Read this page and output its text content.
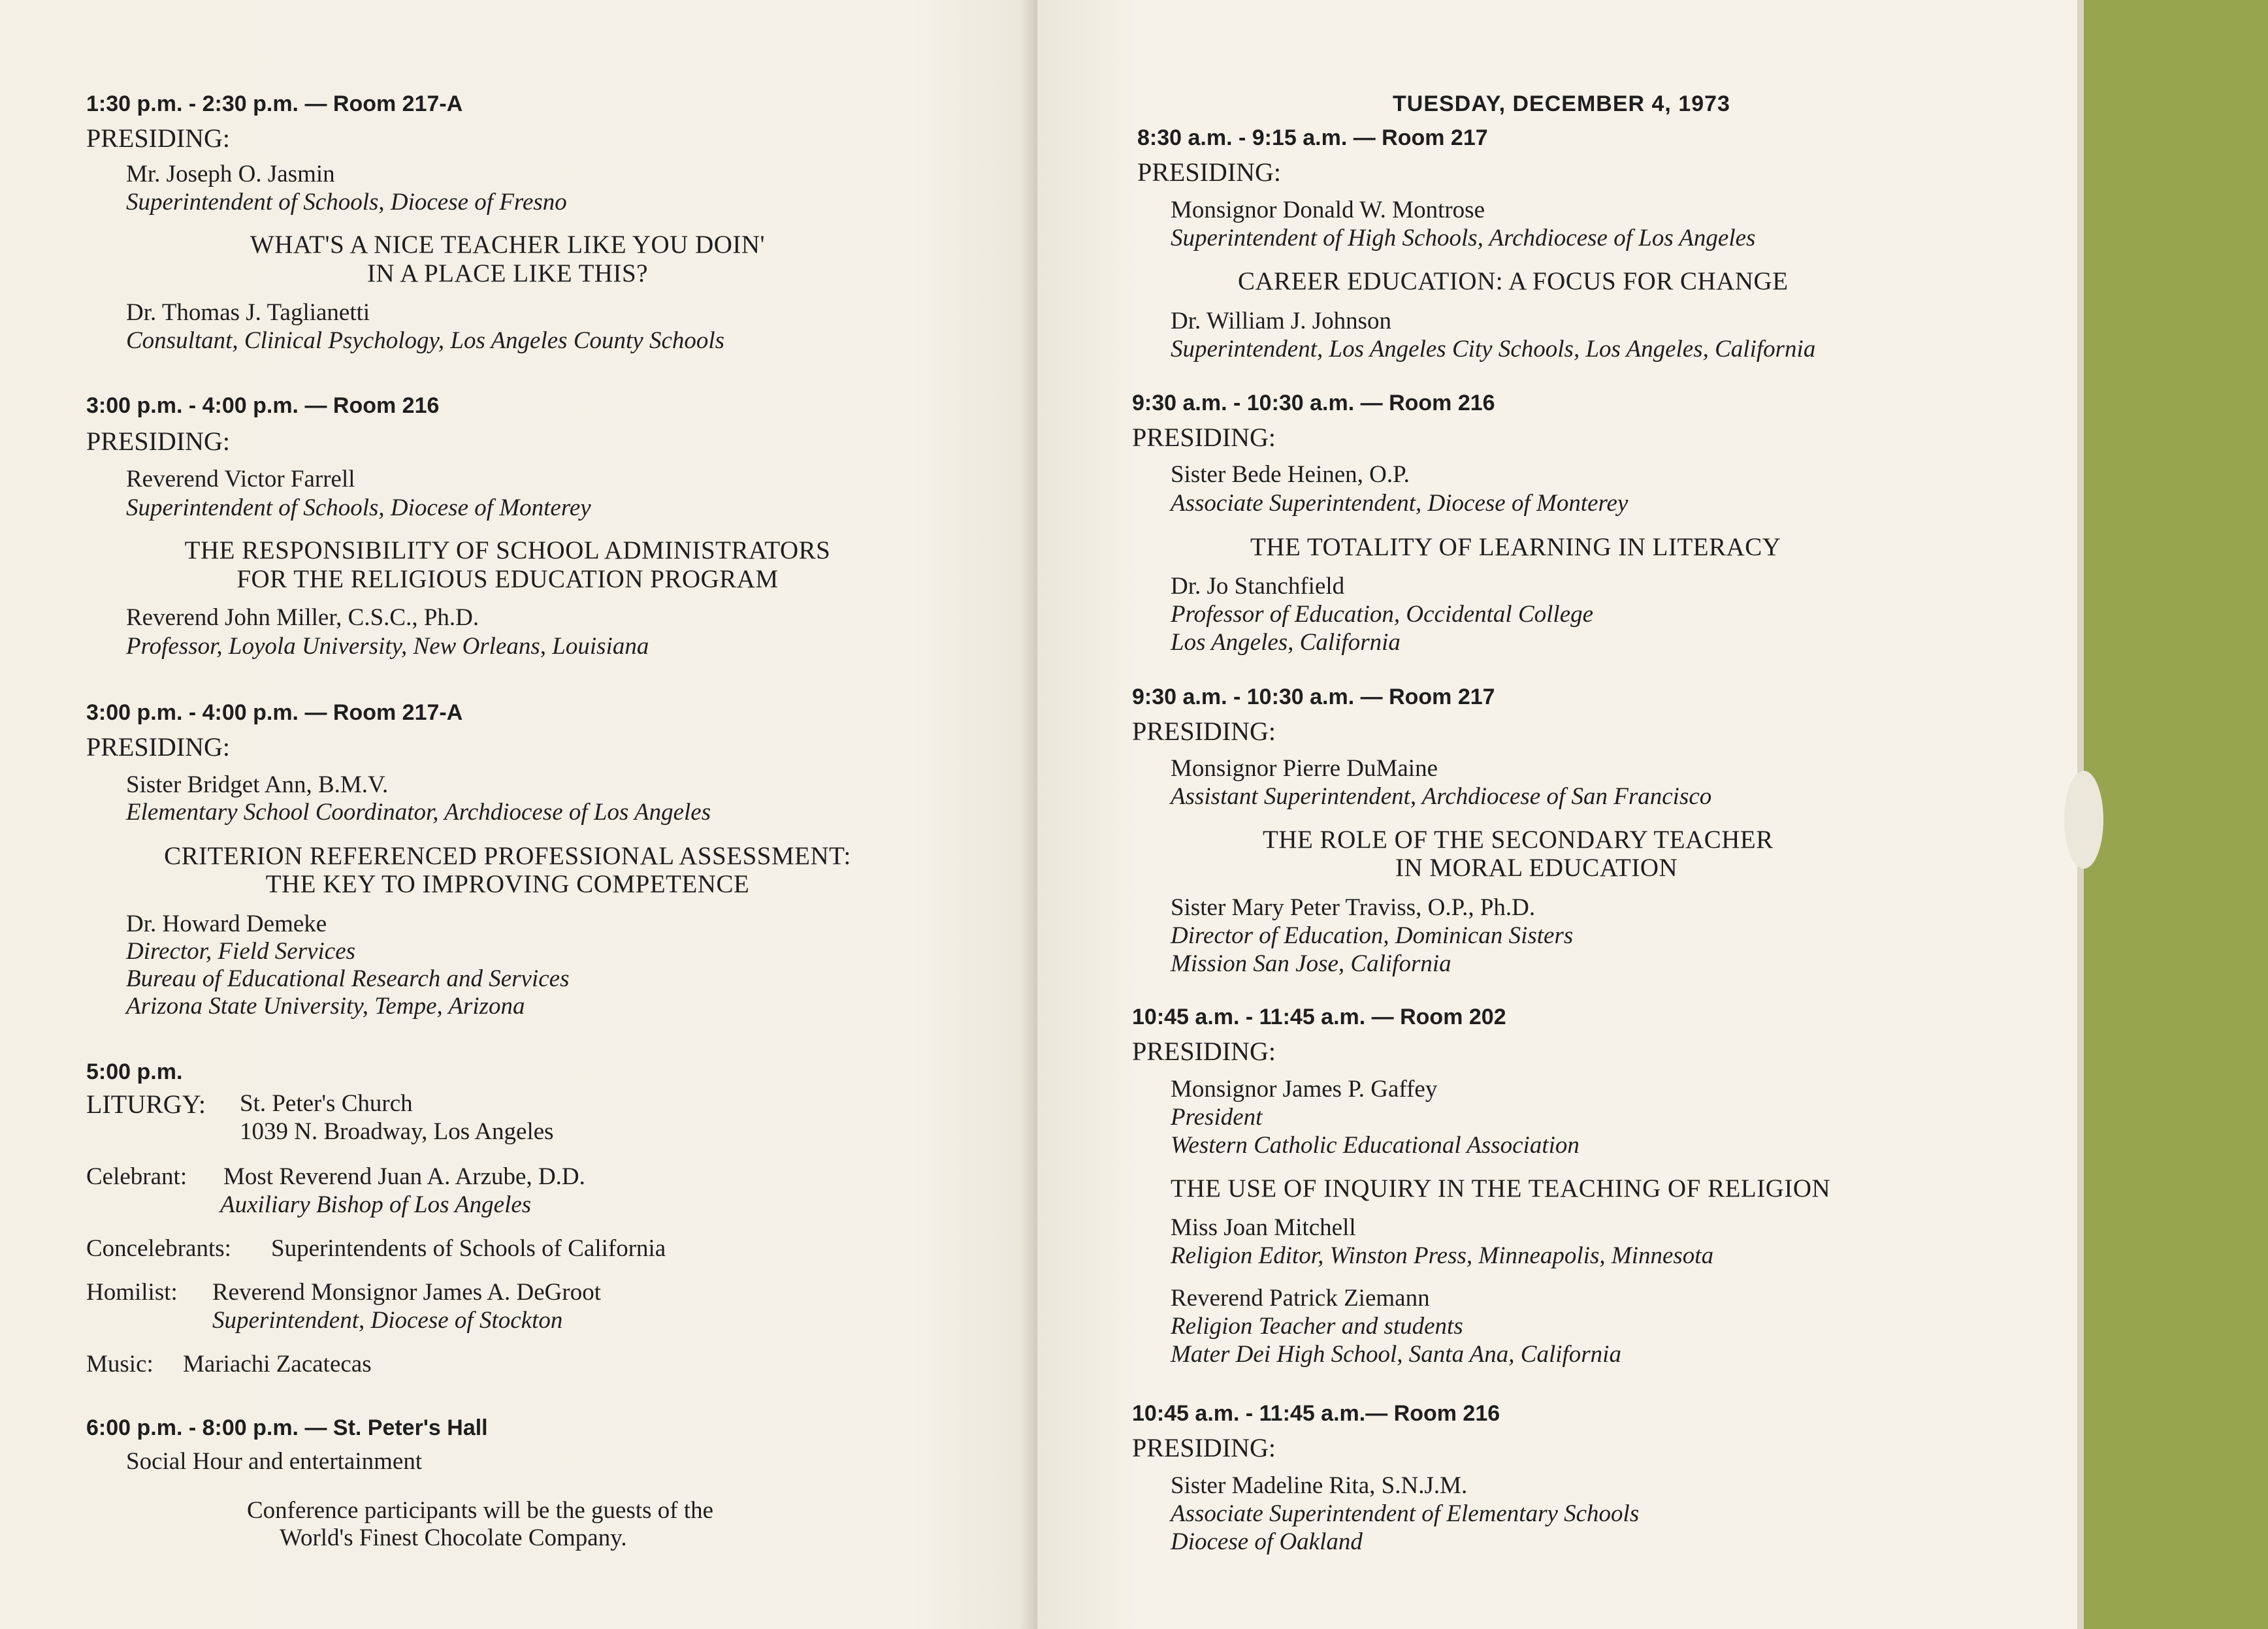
1:30 p.m. - 2:30 p.m. — Room 217-A
PRESIDING:
Mr. Joseph O. Jasmin
Superintendent of Schools, Diocese of Fresno
WHAT'S A NICE TEACHER LIKE YOU DOIN'
IN A PLACE LIKE THIS?
Dr. Thomas J. Taglianetti
Consultant, Clinical Psychology, Los Angeles County Schools
3:00 p.m. - 4:00 p.m. — Room 216
PRESIDING:
Reverend Victor Farrell
Superintendent of Schools, Diocese of Monterey
THE RESPONSIBILITY OF SCHOOL ADMINISTRATORS
FOR THE RELIGIOUS EDUCATION PROGRAM
Reverend John Miller, C.S.C., Ph.D.
Professor, Loyola University, New Orleans, Louisiana
3:00 p.m. - 4:00 p.m. — Room 217-A
PRESIDING:
Sister Bridget Ann, B.M.V.
Elementary School Coordinator, Archdiocese of Los Angeles
CRITERION REFERENCED PROFESSIONAL ASSESSMENT:
THE KEY TO IMPROVING COMPETENCE
Dr. Howard Demeke
Director, Field Services
Bureau of Educational Research and Services
Arizona State University, Tempe, Arizona
5:00 p.m.
LITURGY: St. Peter's Church
1039 N. Broadway, Los Angeles
Celebrant: Most Reverend Juan A. Arzube, D.D.
Auxiliary Bishop of Los Angeles
Concelebrants: Superintendents of Schools of California
Homilist: Reverend Monsignor James A. DeGroot
Superintendent, Diocese of Stockton
Music: Mariachi Zacatecas
6:00 p.m. - 8:00 p.m. — St. Peter's Hall
Social Hour and entertainment
Conference participants will be the guests of the
World's Finest Chocolate Company.
TUESDAY, DECEMBER 4, 1973
8:30 a.m. - 9:15 a.m. — Room 217
PRESIDING:
Monsignor Donald W. Montrose
Superintendent of High Schools, Archdiocese of Los Angeles
CAREER EDUCATION: A FOCUS FOR CHANGE
Dr. William J. Johnson
Superintendent, Los Angeles City Schools, Los Angeles, California
9:30 a.m. - 10:30 a.m. — Room 216
PRESIDING:
Sister Bede Heinen, O.P.
Associate Superintendent, Diocese of Monterey
THE TOTALITY OF LEARNING IN LITERACY
Dr. Jo Stanchfield
Professor of Education, Occidental College
Los Angeles, California
9:30 a.m. - 10:30 a.m. — Room 217
PRESIDING:
Monsignor Pierre DuMaine
Assistant Superintendent, Archdiocese of San Francisco
THE ROLE OF THE SECONDARY TEACHER
IN MORAL EDUCATION
Sister Mary Peter Traviss, O.P., Ph.D.
Director of Education, Dominican Sisters
Mission San Jose, California
10:45 a.m. - 11:45 a.m. — Room 202
PRESIDING:
Monsignor James P. Gaffey
President
Western Catholic Educational Association
THE USE OF INQUIRY IN THE TEACHING OF RELIGION
Miss Joan Mitchell
Religion Editor, Winston Press, Minneapolis, Minnesota
Reverend Patrick Ziemann
Religion Teacher and students
Mater Dei High School, Santa Ana, California
10:45 a.m. - 11:45 a.m.— Room 216
PRESIDING:
Sister Madeline Rita, S.N.J.M.
Associate Superintendent of Elementary Schools
Diocese of Oakland
